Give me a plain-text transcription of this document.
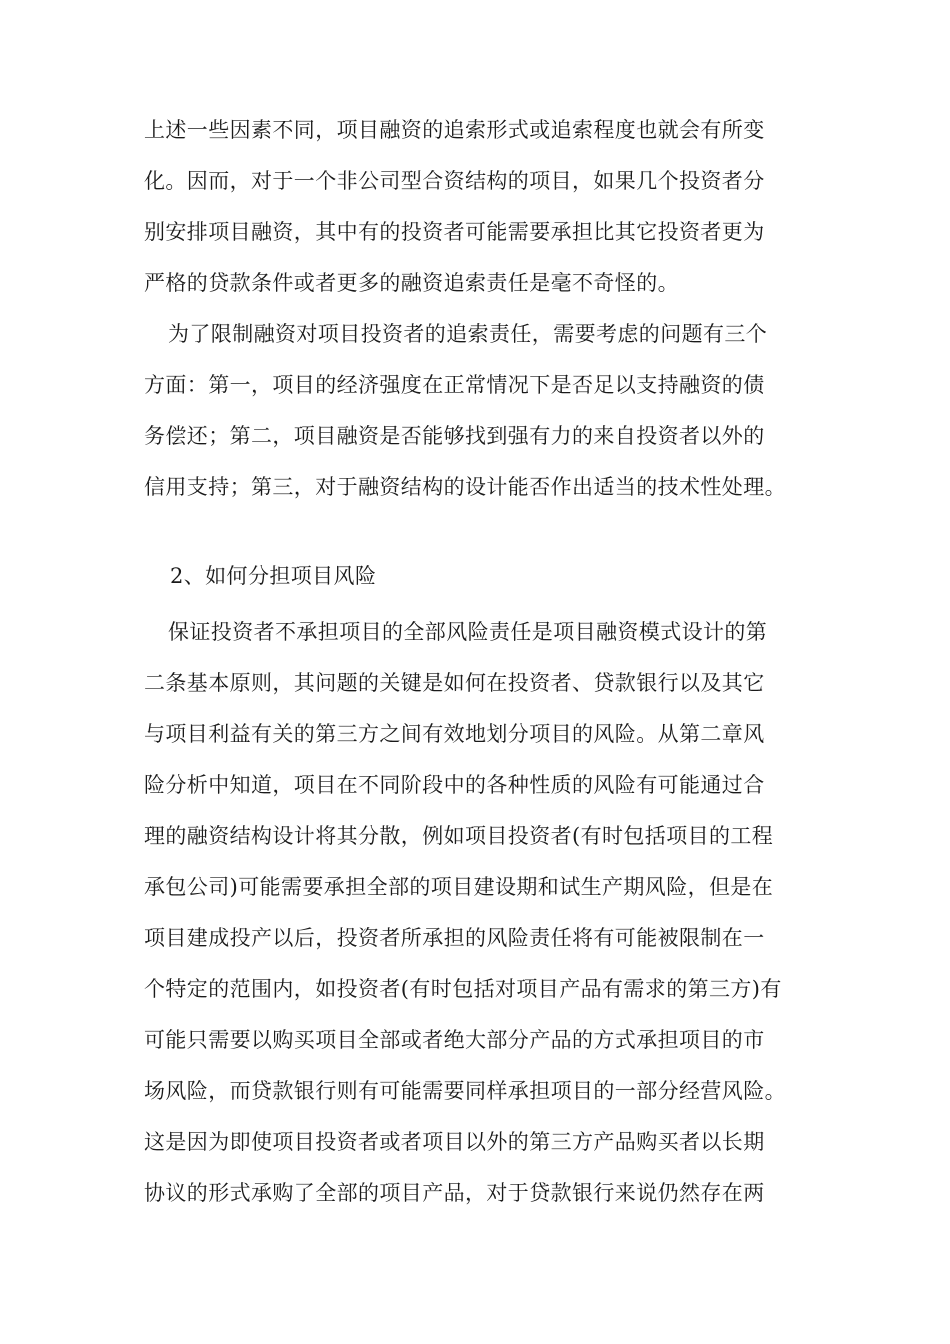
上述一些因素不同，项目融资的追索形式或追索程度也就会有所变
化。因而，对于一个非公司型合资结构的项目，如果几个投资者分
别安排项目融资，其中有的投资者可能需要承担比其它投资者更为
严格的贷款条件或者更多的融资追索责任是毫不奇怪的。
为了限制融资对项目投资者的追索责任，需要考虑的问题有三个
方面：第一，项目的经济强度在正常情况下是否足以支持融资的债
务偿还；第二，项目融资是否能够找到强有力的来自投资者以外的
信用支持；第三，对于融资结构的设计能否作出适当的技术性处理。
2、如何分担项目风险
保证投资者不承担项目的全部风险责任是项目融资模式设计的第
二条基本原则，其问题的关键是如何在投资者、贷款银行以及其它
与项目利益有关的第三方之间有效地划分项目的风险。从第二章风
险分析中知道，项目在不同阶段中的各种性质的风险有可能通过合
理的融资结构设计将其分散，例如项目投资者(有时包括项目的工程
承包公司)可能需要承担全部的项目建设期和试生产期风险，但是在
项目建成投产以后，投资者所承担的风险责任将有可能被限制在一
个特定的范围内，如投资者(有时包括对项目产品有需求的第三方)有
可能只需要以购买项目全部或者绝大部分产品的方式承担项目的市
场风险，而贷款银行则有可能需要同样承担项目的一部分经营风险。
这是因为即使项目投资者或者项目以外的第三方产品购买者以长期
协议的形式承购了全部的项目产品，对于贷款银行来说仍然存在两
